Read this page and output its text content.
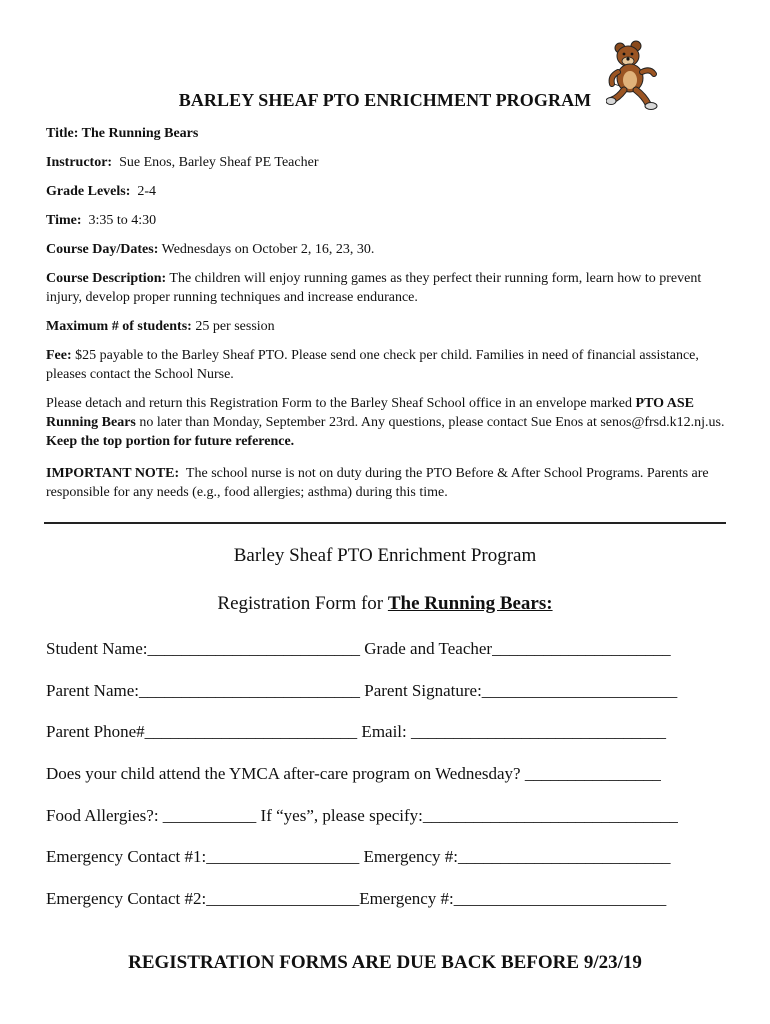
BARLEY SHEAF PTO ENRICHMENT PROGRAM

Title: The Running Bears

Instructor: Sue Enos, Barley Sheaf PE Teacher

Grade Levels: 2-4

Time: 3:35 to 4:30

Course Day/Dates: Wednesdays on October 2, 16, 23, 30.

Course Description: The children will enjoy running games as they perfect their running form, learn how to prevent injury, develop proper running techniques and increase endurance.

Maximum # of students: 25 per session

Fee: $25 payable to the Barley Sheaf PTO. Please send one check per child. Families in need of financial assistance, pleases contact the School Nurse.

Please detach and return this Registration Form to the Barley Sheaf School office in an envelope marked PTO ASE Running Bears no later than Monday, September 23rd. Any questions, please contact Sue Enos at senos@frsd.k12.nj.us. Keep the top portion for future reference.

IMPORTANT NOTE: The school nurse is not on duty during the PTO Before & After School Programs. Parents are responsible for any needs (e.g., food allergies; asthma) during this time.

Barley Sheaf PTO Enrichment Program
Registration Form for The Running Bears:
Student Name:_________________________ Grade and Teacher_____________________
Parent Name:__________________________ Parent Signature:_______________________
Parent Phone#_________________________ Email: ______________________________
Does your child attend the YMCA after-care program on Wednesday? ________________
Food Allergies?: ___________ If “yes”, please specify:______________________________
Emergency Contact #1:__________________ Emergency #:_________________________
Emergency Contact #2:__________________Emergency #:_________________________
REGISTRATION FORMS ARE DUE BACK BEFORE 9/23/19
